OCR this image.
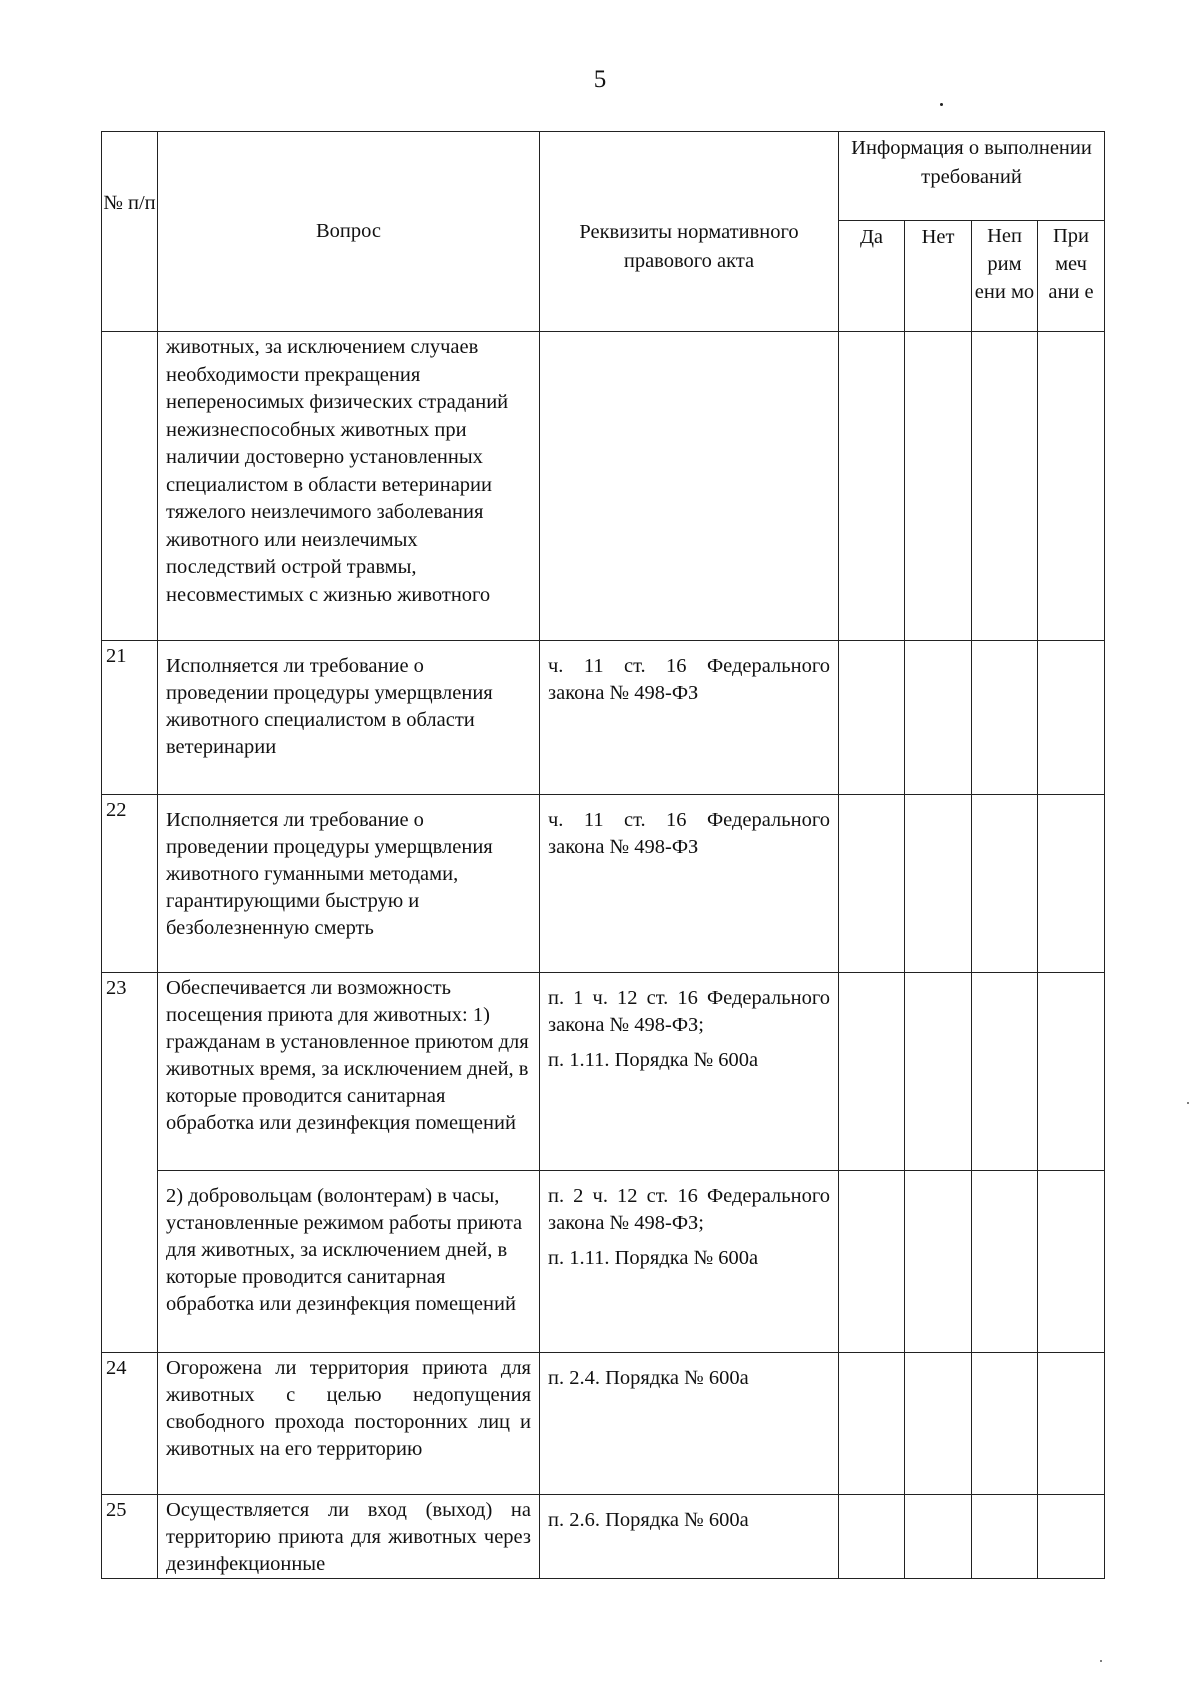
5
№ п/п	Вопрос	Реквизиты нормативного правового акта	Информация о выполнении требований			
			Да	Нет	Неп рим ени мо	При меч ани е
	животных, за исключением случаев необходимости прекращения непереносимых физических страданий нежизнеспособных животных при наличии достоверно установленных специалистом в области ветеринарии тяжелого неизлечимого заболевания животного или неизлечимых последствий острой травмы, несовместимых с жизнью животного					
21	Исполняется ли требование о проведении процедуры умерщвления животного специалистом в области ветеринарии	ч. 11 ст. 16 Федерального закона № 498-ФЗ				

22	Исполняется ли требование о проведении процедуры умерщвления животного гуманными методами, гарантирующими быструю и безболезненную смерть	ч. 11 ст. 16 Федерального закона № 498-ФЗ				

23	Обеспечивается ли возможность посещения приюта для животных: 1) гражданам в установленное приютом для животных время, за исключением дней, в которые проводится санитарная обработка или дезинфекция помещений	п. 1 ч. 12 ст. 16 Федерального закона № 498-ФЗ;

п. 1.11. Порядка № 600а				

	2) добровольцам (волонтерам) в часы, установленные режимом работы приюта для животных, за исключением дней, в которые проводится санитарная обработка или дезинфекция помещений	п. 2 ч. 12 ст. 16 Федерального закона № 498-ФЗ;

п. 1.11. Порядка № 600а				

24	Огорожена ли территория приюта для животных с целью недопущения свободного прохода посторонних лиц и животных на его территорию	п. 2.4. Порядка № 600а				

25	Осуществляется ли вход (выход) на территорию приюта для животных через дезинфекционные	п. 2.6. Порядка № 600а				
